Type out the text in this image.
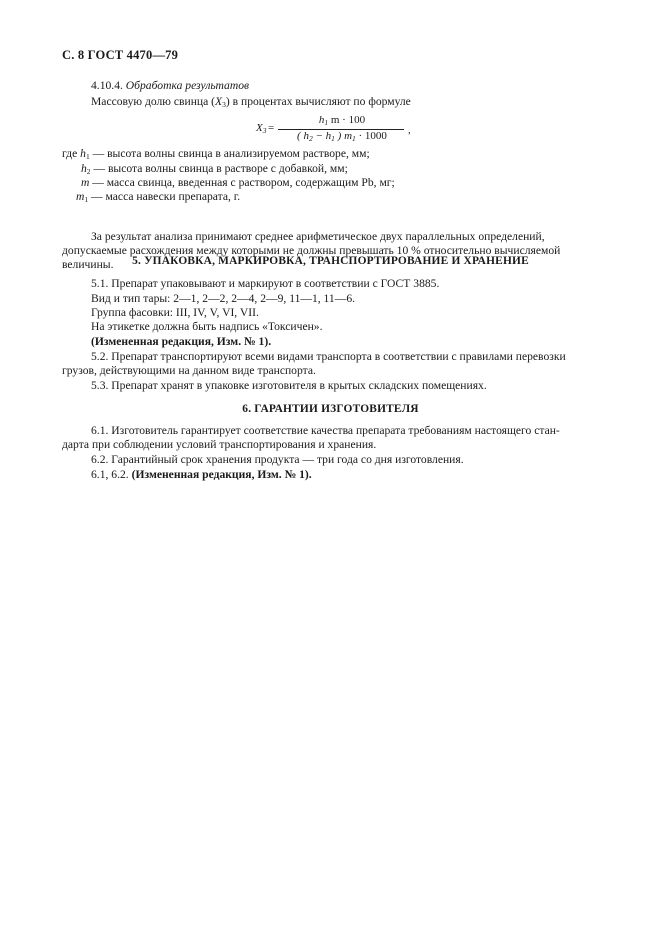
С. 8 ГОСТ 4470—79
4.10.4. Обработка результатов
Массовую долю свинца $(X_3)$ в процентах вычисляют по формуле
$X_3$ =
$h_1$ m · 100
( $h_2 - h_1$ ) $m_1 \cdot 1000$	,
где $h_1$ — высота волны свинца в анализируемом растворе, мм;
$h_2$ — высота волны свинца в растворе с добавкой, мм;
m — масса свинца, введенная с раствором, содержащим Pb, мг;
$m_1$ — масса навески препарата, г.
За результат анализа принимают среднее арифметическое двух параллельных определений,
допускаемые расхождения между которыми не должны превышать 10 % относительно вычисляемой
величины.	5. УПАКОВКА, МАРКИРОВКА, ТРАНСПОРТИРОВАНИЕ И ХРАНЕНИЕ
5.1. Препарат упаковывают и маркируют в соответствии с ГОСТ 3885.
Вид и тип тары: 2—1, 2—2, 2—4, 2—9, 11—1, 11—6.
Группа фасовки: III, IV, V, VI, VII.
На этикетке должна быть надпись «Токсичен».
(Измененная редакция, Изм. № 1).
5.2. Препарат транспортируют всеми видами транспорта в соответствии с правилами перевозки
грузов, действующими на данном виде транспорта.
5.3. Препарат хранят в упаковке изготовителя в крытых складских помещениях.
6. ГАРАНТИИ ИЗГОТОВИТЕЛЯ
6.1. Изготовитель гарантирует соответствие качества препарата требованиям настоящего стан-
дарта при соблюдении условий транспортирования и хранения.
6.2. Гарантийный срок хранения продукта — три года со дня изготовления.
6.1, 6.2. (Измененная редакция, Изм. № 1).
